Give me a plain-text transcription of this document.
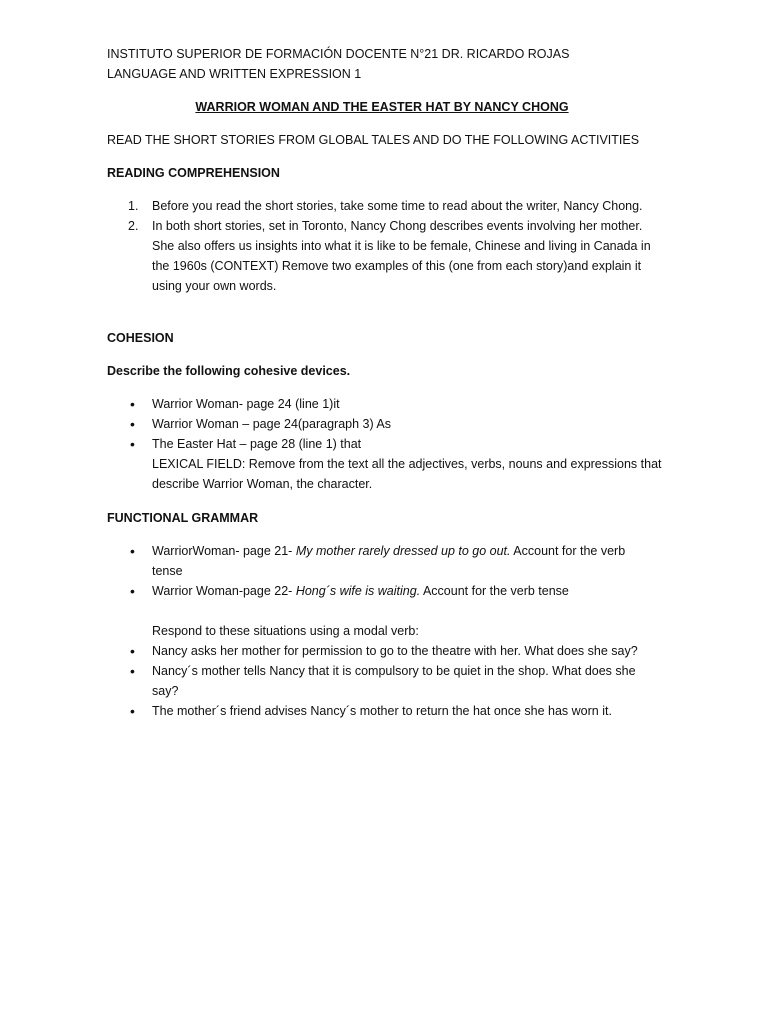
INSTITUTO SUPERIOR DE FORMACIÓN DOCENTE N°21 DR. RICARDO ROJAS

LANGUAGE AND WRITTEN EXPRESSION 1

WARRIOR WOMAN AND THE EASTER HAT BY NANCY CHONG

READ THE SHORT STORIES FROM GLOBAL TALES AND DO THE FOLLOWING ACTIVITIES

READING COMPREHENSION

1. Before you read the short stories, take some time to read about the writer, Nancy Chong.
2. In both short stories, set in Toronto, Nancy Chong describes events involving her mother.
She also offers us insights into what it is like to be female, Chinese and living in Canada in
the 1960s (CONTEXT) Remove two examples of this (one from each story)and explain it
using your own words.

COHESION

Describe the following cohesive devices.

• Warrior Woman- page 24 (line 1)it
• Warrior Woman – page 24(paragraph 3) As
• The Easter Hat – page 28 (line 1) that
LEXICAL FIELD: Remove from the text all the adjectives, verbs, nouns and expressions that
describe Warrior Woman, the character.

FUNCTIONAL GRAMMAR

• WarriorWoman- page 21- My mother rarely dressed up to go out. Account for the verb
tense
• Warrior Woman-page 22- Hong´s wife is waiting. Account for the verb tense
Respond to these situations using a modal verb:
• Nancy asks her mother for permission to go to the theatre with her. What does she say?
• Nancy´s mother tells Nancy that it is compulsory to be quiet in the shop. What does she
say?
• The mother´s friend advises Nancy´s mother to return the hat once she has worn it.
